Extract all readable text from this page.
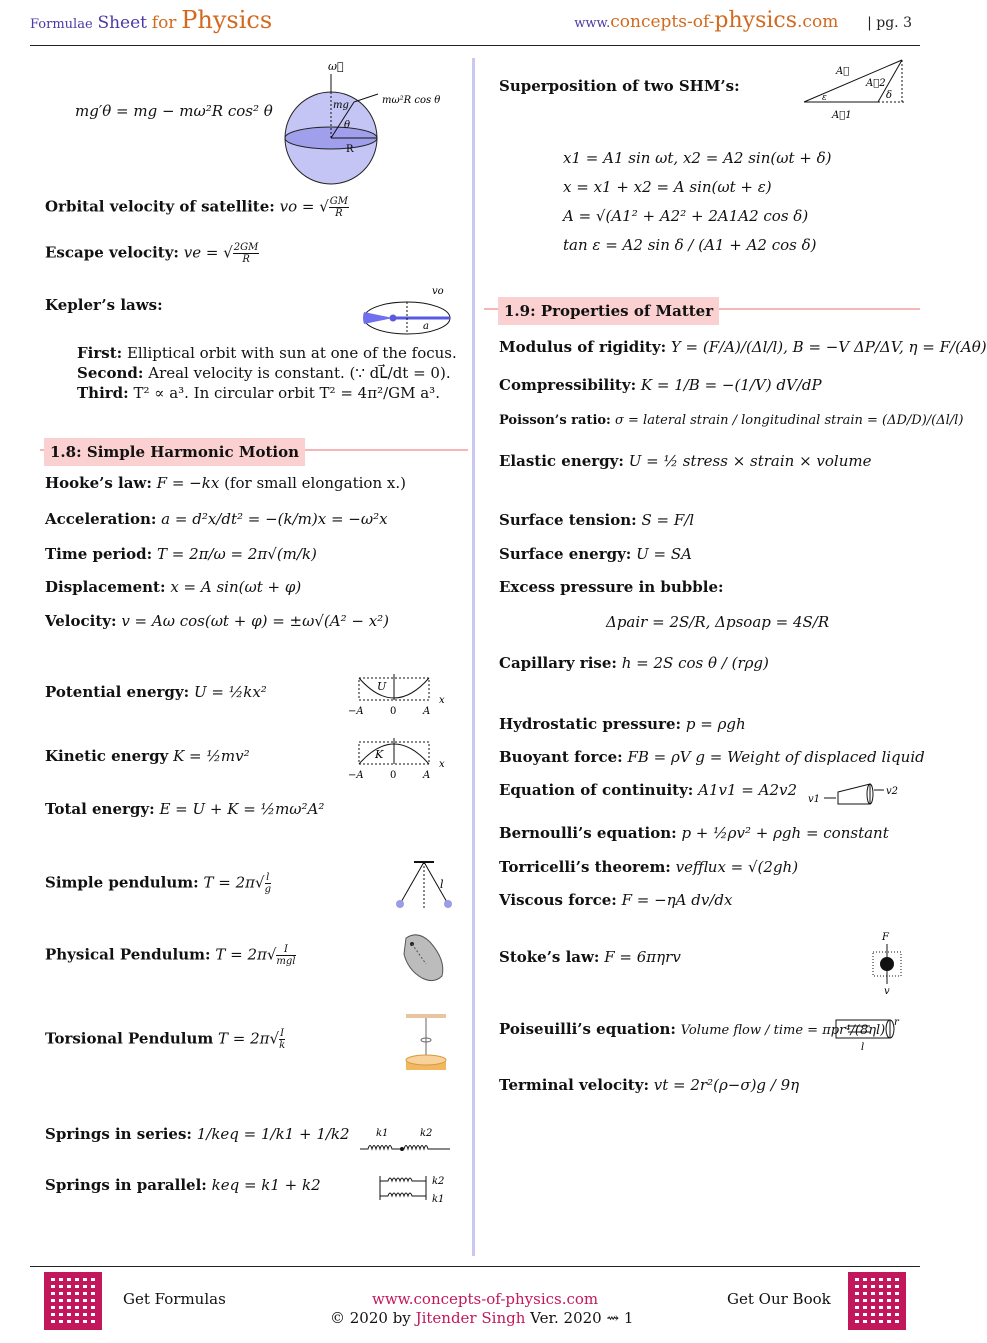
Formulae Sheet for Physics	www.concepts-of-physics.com | pg. 3
mg′θ = mg − mω²R cos² θ
ω⃗
mω²R cos θ
mg
θ
R
Orbital velocity of satellite: vo = √ $\frac{GM}{R}$
Escape velocity: ve = √ $\frac{2GM}{R}$
Kepler’s laws:
vo
a
First: Elliptical orbit with sun at one of the focus.
Second: Areal velocity is constant. (∵ dL⃗/dt = 0).
Third: T² ∝ a³. In circular orbit T² = 4π²/GM a³.
1.8: Simple Harmonic Motion
Hooke’s law: F = −kx (for small elongation x.)
Acceleration: a = d²x/dt² = −(k/m)x = −ω²x
Time period: T = 2π/ω = 2π√(m/k)
Displacement: x = A sin(ωt + φ)
Velocity: v = Aω cos(ωt + φ) = ±ω√(A² − x²)
Potential energy: U = ½kx²	U
−A	0	A
x
Kinetic energy K = ½mv²	K
−A	0	A
x
Total energy: E = U + K = ½mω²A²
Simple pendulum: $T = 2\pi√ \frac{l}{g}$	l
Physical Pendulum: $T = 2\pi√ \frac{I}{\text{mgl}}$
Torsional Pendulum $T = 2\pi√ \frac{I}{k}$
Springs in series: 1/keq = 1/k1 + 1/k2	k1	k2
Springs in parallel: keq = k1 + k2	k2
k1
Superposition of two SHM’s:
A⃗
A⃗2
ε	δ
A⃗1
x1 = A1 sin ωt, x2 = A2 sin(ωt + δ)
x = x1 + x2 = A sin(ωt + ε)
A = √(A1² + A2² + 2A1A2 cos δ)
tan ε = A2 sin δ / (A1 + A2 cos δ)
1.9: Properties of Matter
Modulus of rigidity: Y = (F/A)/(Δl/l), B = −V ΔP/ΔV, η = F/(Aθ)
Compressibility: K = 1/B = −(1/V) dV/dP
Poisson’s ratio: σ = lateral strain / longitudinal strain = (ΔD/D)/(Δl/l)
Elastic energy: U = ½ stress × strain × volume
Surface tension: S = F/l
Surface energy: U = SA
Excess pressure in bubble:
Δpair = 2S/R, Δpsoap = 4S/R
Capillary rise: h = 2S cos θ / (rρg)
Hydrostatic pressure: p = ρgh
Buoyant force: FB = ρV g = Weight of displaced liquid
Equation of continuity: A1v1 = A2v2
v1
v2
Bernoulli’s equation: p + ½ρv² + ρgh = constant
Torricelli’s theorem: vefflux = √(2gh)
Viscous force: F = −ηA dv/dx
Stoke’s law: F = 6πηrv
F
v
Poiseuilli’s equation: Volume flow / time = πpr⁴/(8ηl)
r
l
Terminal velocity: vt = 2r²(ρ−σ)g / 9η
Get Formulas	www.concepts-of-physics.com
© 2020 by Jitender Singh Ver. 2020 ⇝ 1
Get Our Book
